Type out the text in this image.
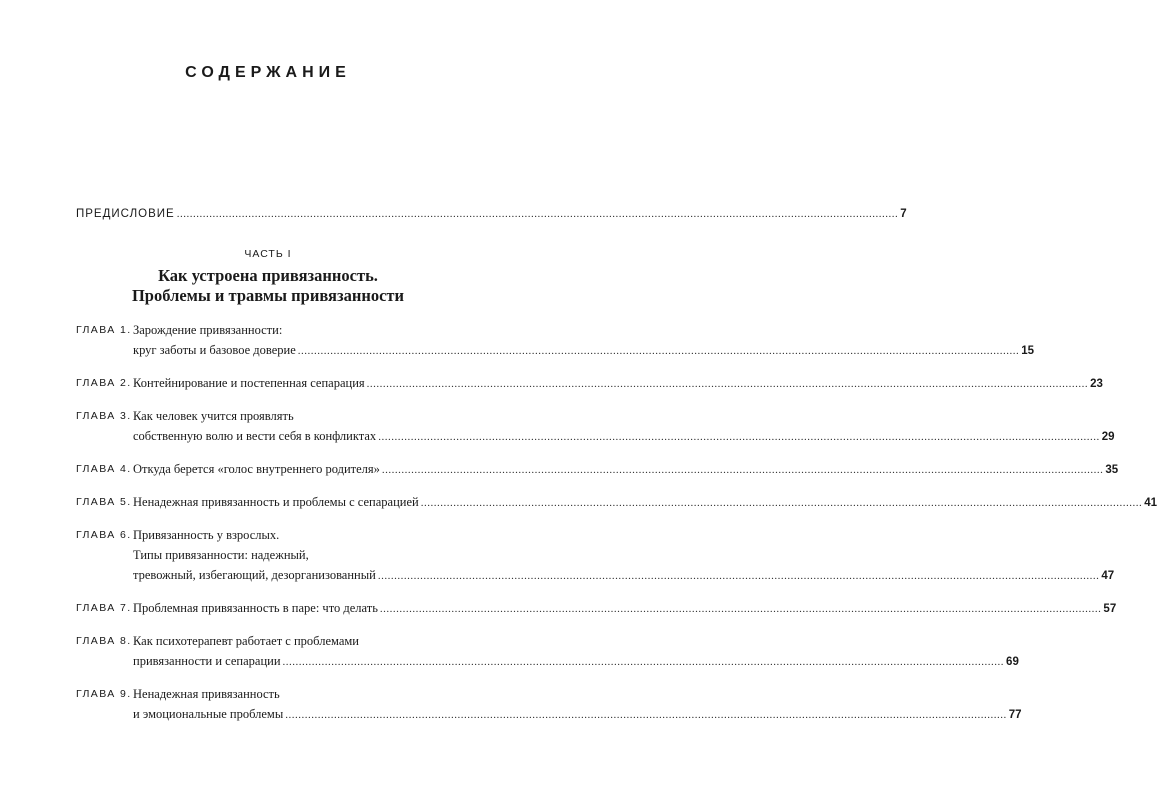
СОДЕРЖАНИЕ
ПРЕДИСЛОВИЕ .....	7
ЧАСТЬ I
Как устроена привязанность.
Проблемы и травмы привязанности
ГЛАВА 1. Зарождение привязанности:
круг заботы и базовое доверие .....	15
ГЛАВА 2. Контейнирование и постепенная сепарация .....	23
ГЛАВА 3. Как человек учится проявлять
собственную волю и вести себя в конфликтах .....	29
ГЛАВА 4. Откуда берется «голос внутреннего родителя» .....	35
ГЛАВА 5. Ненадежная привязанность и проблемы с сепарацией .....	41
ГЛАВА 6. Привязанность у взрослых.
Типы привязанности: надежный,
тревожный, избегающий, дезорганизованный .....	47
ГЛАВА 7. Проблемная привязанность в паре: что делать .....	57
ГЛАВА 8. Как психотерапевт работает с проблемами
привязанности и сепарации .....	69
ГЛАВА 9. Ненадежная привязанность
и эмоциональные проблемы .....	77
